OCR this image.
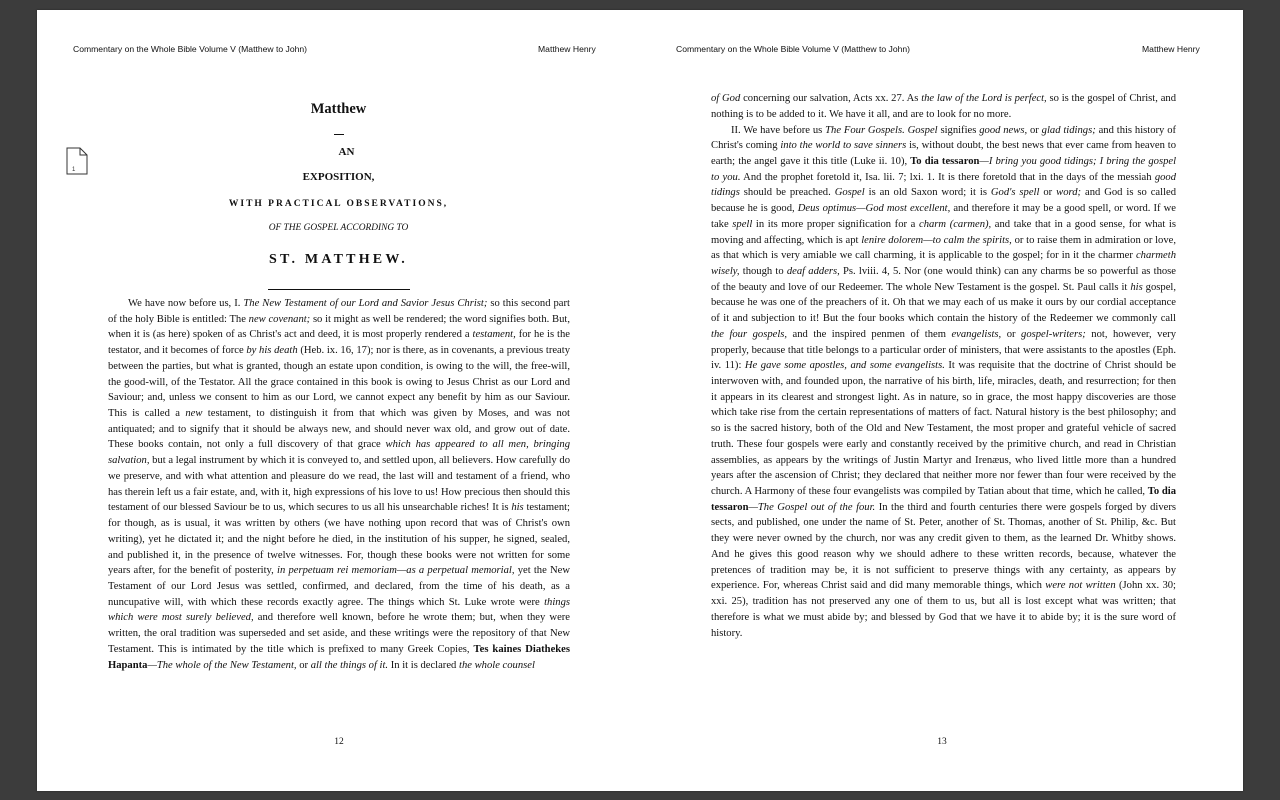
Commentary on the Whole Bible Volume V (Matthew to John)	Matthew Henry
1
Matthew
AN
EXPOSITION,
WITH PRACTICAL OBSERVATIONS,
OF THE GOSPEL ACCORDING TO
ST. MATTHEW.

We have now before us, I. The New Testament of our Lord and Savior Jesus Christ; so this second part of the holy Bible is entitled: The new covenant; so it might as well be rendered; the word signifies both. But, when it is (as here) spoken of as Christ's act and deed, it is most properly rendered a testament, for he is the testator, and it becomes of force by his death (Heb. ix. 16, 17); nor is there, as in covenants, a previous treaty between the parties, but what is granted, though an estate upon condition, is owing to the will, the free-will, the good-will, of the Testator. All the grace contained in this book is owing to Jesus Christ as our Lord and Saviour; and, unless we consent to him as our Lord, we cannot expect any benefit by him as our Saviour. This is called a new testament, to distinguish it from that which was given by Moses, and was not antiquated; and to signify that it should be always new, and should never wax old, and grow out of date. These books contain, not only a full discovery of that grace which has appeared to all men, bringing salvation, but a legal instrument by which it is conveyed to, and settled upon, all believers. How carefully do we preserve, and with what attention and pleasure do we read, the last will and testament of a friend, who has therein left us a fair estate, and, with it, high expressions of his love to us! How precious then should this testament of our blessed Saviour be to us, which secures to us all his unsearchable riches! It is his testament; for though, as is usual, it was written by others (we have nothing upon record that was of Christ's own writing), yet he dictated it; and the night before he died, in the institution of his supper, he signed, sealed, and published it, in the presence of twelve witnesses. For, though these books were not written for some years after, for the benefit of posterity, in perpetuam rei memoriam—as a perpetual memorial, yet the New Testament of our Lord Jesus was settled, confirmed, and declared, from the time of his death, as a nuncupative will, with which these records exactly agree. The things which St. Luke wrote were things which were most surely believed, and therefore well known, before he wrote them; but, when they were written, the oral tradition was superseded and set aside, and these writings were the repository of that New Testament. This is intimated by the title which is prefixed to many Greek Copies, Tes kaines Diathekes Hapanta—The whole of the New Testament, or all the things of it. In it is declared the whole counsel

12
Commentary on the Whole Bible Volume V (Matthew to John)	Matthew Henry

of God concerning our salvation, Acts xx. 27. As the law of the Lord is perfect, so is the gospel of Christ, and nothing is to be added to it. We have it all, and are to look for no more.

II. We have before us The Four Gospels. Gospel signifies good news, or glad tidings; and this history of Christ's coming into the world to save sinners is, without doubt, the best news that ever came from heaven to earth; the angel gave it this title (Luke ii. 10), To dia tessaron—I bring you good tidings; I bring the gospel to you. And the prophet foretold it, Isa. lii. 7; lxi. 1. It is there foretold that in the days of the messiah good tidings should be preached. Gospel is an old Saxon word; it is God's spell or word; and God is so called because he is good, Deus optimus—God most excellent, and therefore it may be a good spell, or word. If we take spell in its more proper signification for a charm (carmen), and take that in a good sense, for what is moving and affecting, which is apt lenire dolorem—to calm the spirits, or to raise them in admiration or love, as that which is very amiable we call charming, it is applicable to the gospel; for in it the charmer charmeth wisely, though to deaf adders, Ps. lviii. 4, 5. Nor (one would think) can any charms be so powerful as those of the beauty and love of our Redeemer. The whole New Testament is the gospel. St. Paul calls it his gospel, because he was one of the preachers of it. Oh that we may each of us make it ours by our cordial acceptance of it and subjection to it! But the four books which contain the history of the Redeemer we commonly call the four gospels, and the inspired penmen of them evangelists, or gospel-writers; not, however, very properly, because that title belongs to a particular order of ministers, that were assistants to the apostles (Eph. iv. 11): He gave some apostles, and some evangelists. It was requisite that the doctrine of Christ should be interwoven with, and founded upon, the narrative of his birth, life, miracles, death, and resurrection; for then it appears in its clearest and strongest light. As in nature, so in grace, the most happy discoveries are those which take rise from the certain representations of matters of fact. Natural history is the best philosophy; and so is the sacred history, both of the Old and New Testament, the most proper and grateful vehicle of sacred truth. These four gospels were early and constantly received by the primitive church, and read in Christian assemblies, as appears by the writings of Justin Martyr and Irenæus, who lived little more than a hundred years after the ascension of Christ; they declared that neither more nor fewer than four were received by the church. A Harmony of these four evangelists was compiled by Tatian about that time, which he called, To dia tessaron—The Gospel out of the four. In the third and fourth centuries there were gospels forged by divers sects, and published, one under the name of St. Peter, another of St. Thomas, another of St. Philip, &c. But they were never owned by the church, nor was any credit given to them, as the learned Dr. Whitby shows. And he gives this good reason why we should adhere to these written records, because, whatever the pretences of tradition may be, it is not sufficient to preserve things with any certainty, as appears by experience. For, whereas Christ said and did many memorable things, which were not written (John xx. 30; xxi. 25), tradition has not preserved any one of them to us, but all is lost except what was written; that therefore is what we must abide by; and blessed by God that we have it to abide by; it is the sure word of history.

13
